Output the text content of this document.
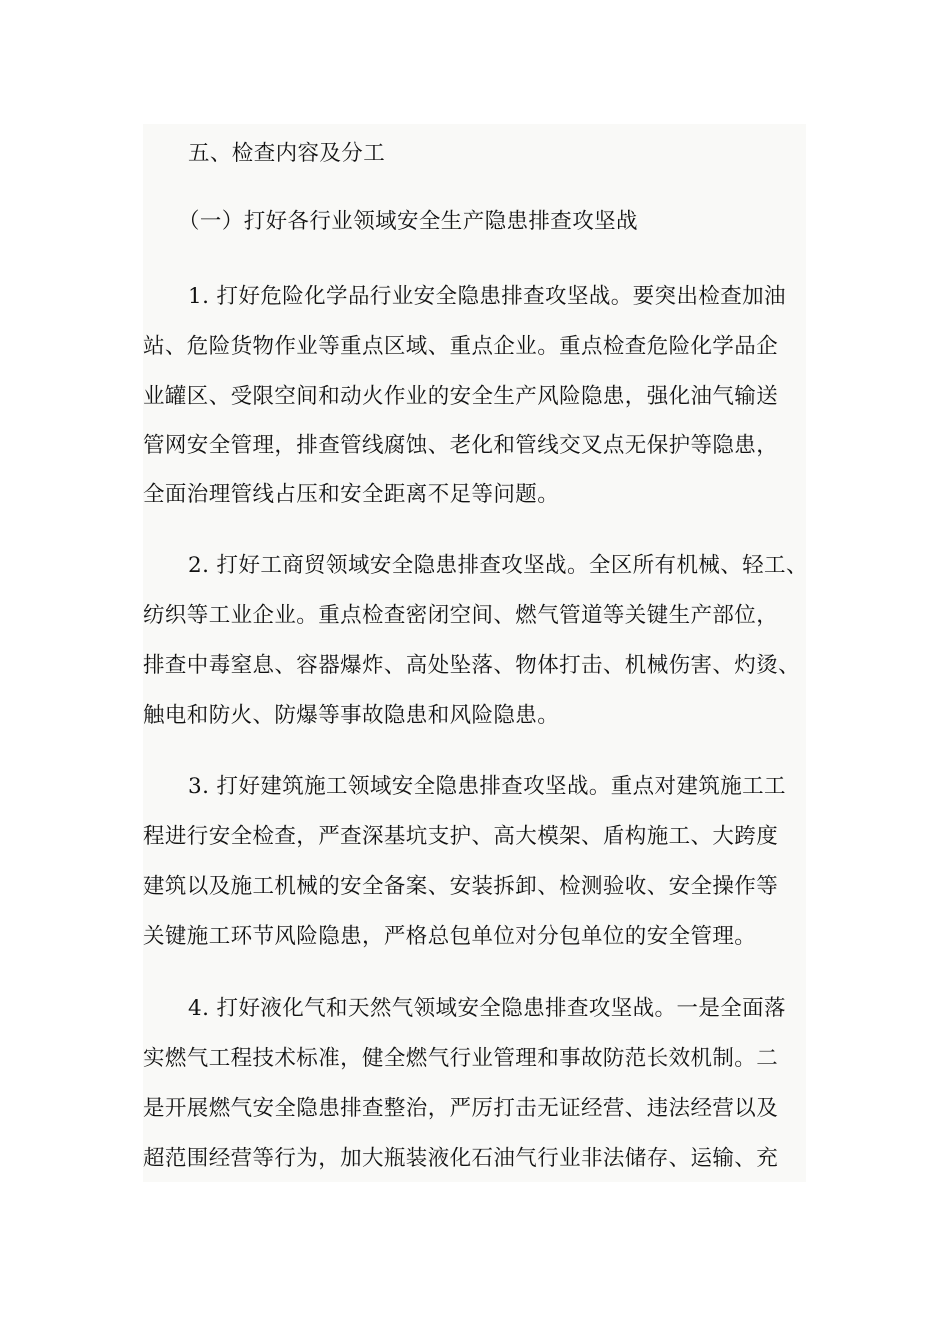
五、检查内容及分工
（一）打好各行业领域安全生产隐患排查攻坚战
1. 打好危险化学品行业安全隐患排查攻坚战。要突出检查加油
站、危险货物作业等重点区域、重点企业。重点检查危险化学品企
业罐区、受限空间和动火作业的安全生产风险隐患，强化油气输送
管网安全管理，排查管线腐蚀、老化和管线交叉点无保护等隐患，
全面治理管线占压和安全距离不足等问题。
2. 打好工商贸领域安全隐患排查攻坚战。全区所有机械、轻工、
纺织等工业企业。重点检查密闭空间、燃气管道等关键生产部位，
排查中毒窒息、容器爆炸、高处坠落、物体打击、机械伤害、灼烫、
触电和防火、防爆等事故隐患和风险隐患。
3. 打好建筑施工领域安全隐患排查攻坚战。重点对建筑施工工
程进行安全检查，严查深基坑支护、高大模架、盾构施工、大跨度
建筑以及施工机械的安全备案、安装拆卸、检测验收、安全操作等
关键施工环节风险隐患，严格总包单位对分包单位的安全管理。
4. 打好液化气和天然气领域安全隐患排查攻坚战。一是全面落
实燃气工程技术标准，健全燃气行业管理和事故防范长效机制。二
是开展燃气安全隐患排查整治，严厉打击无证经营、违法经营以及
超范围经营等行为，加大瓶装液化石油气行业非法储存、运输、充
